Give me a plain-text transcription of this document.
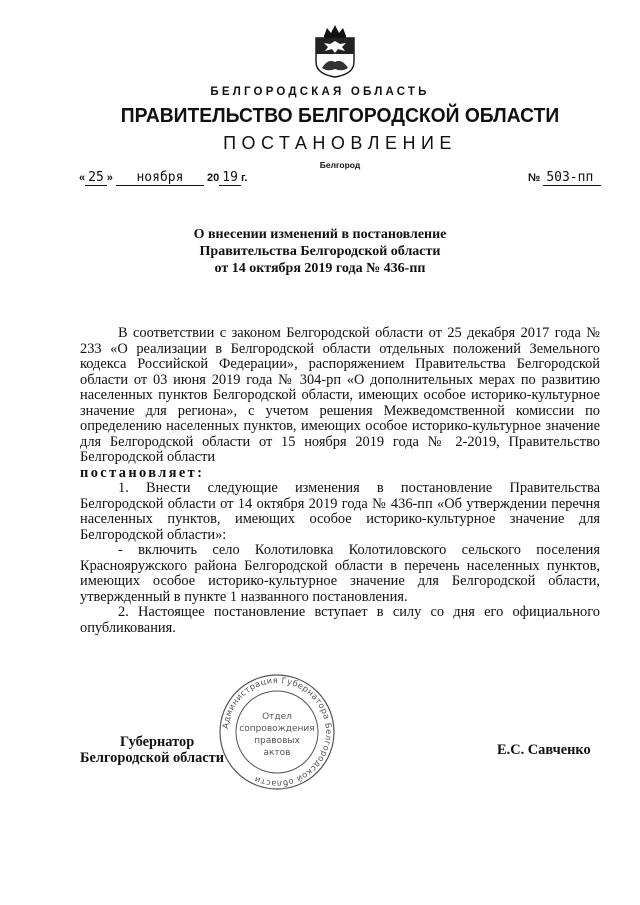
БЕЛГОРОДСКАЯ ОБЛАСТЬ
ПРАВИТЕЛЬСТВО БЕЛГОРОДСКОЙ ОБЛАСТИ
ПОСТАНОВЛЕНИЕ
Белгород
« 25 » ноября 20 19 г.	№ 503-пп
О внесении изменений в постановление
Правительства Белгородской области
от 14 октября 2019 года № 436-пп

В соответствии с законом Белгородской области от 25 декабря 2017 года № 233 «О реализации в Белгородской области отдельных положений Земельного кодекса Российской Федерации», распоряжением Правительства Белгородской области от 03 июня 2019 года № 304-рп «О дополнительных мерах по развитию населенных пунктов Белгородской области, имеющих особое историко-культурное значение для региона», с учетом решения Межведомственной комиссии по определению населенных пунктов, имеющих особое историко-культурное значение для Белгородской области от 15 ноября 2019 года № 2-2019, Правительство Белгородской области

постановляет:

1. Внести следующие изменения в постановление Правительства Белгородской области от 14 октября 2019 года № 436-пп «Об утверждении перечня населенных пунктов, имеющих особое историко-культурное значение для Белгородской области»:

- включить село Колотиловка Колотиловского сельского поселения Краснояружского района Белгородской области в перечень населенных пунктов, имеющих особое историко-культурное значение для Белгородской области, утвержденный в пункте 1 названного постановления.

2. Настоящее постановление вступает в силу со дня его официального опубликования.

Администрация Губернатора Белгородской области
Отдел
сопровождения
правовых
актов
Губернатор
Белгородской области	Е.С. Савченко
